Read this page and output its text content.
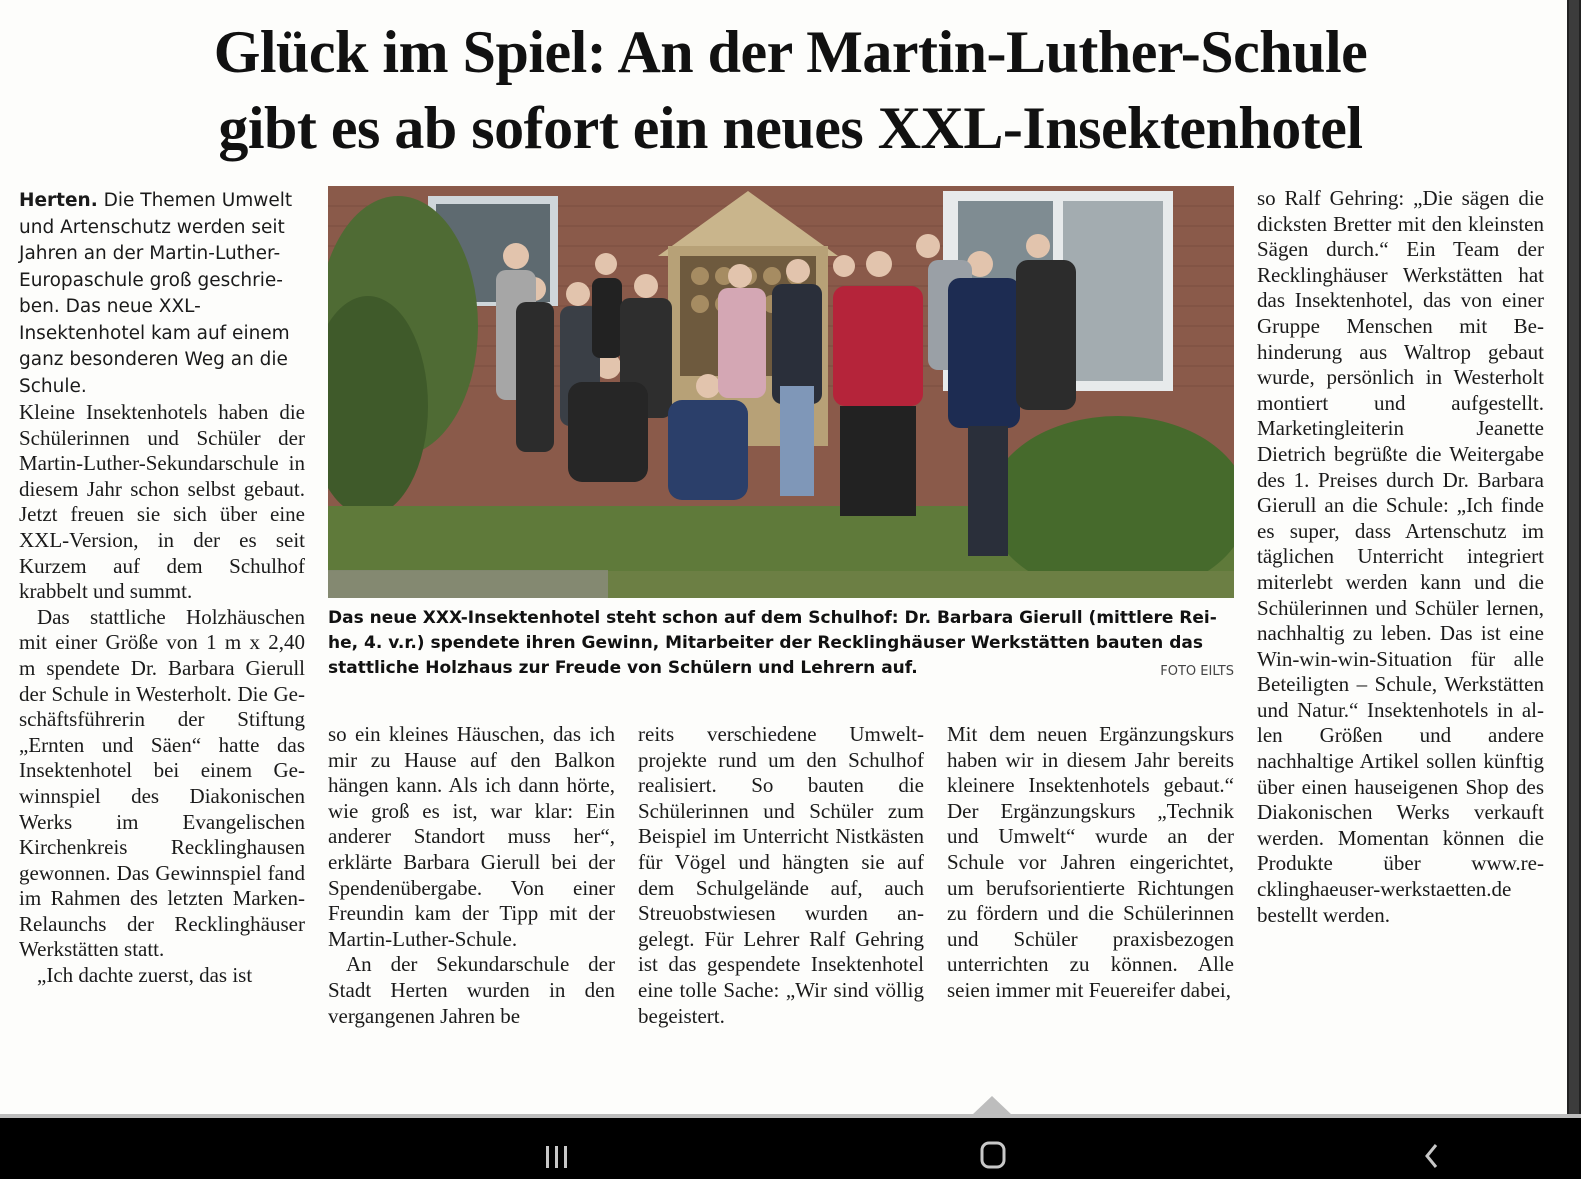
Glück im Spiel: An der Martin-Luther-Schule
gibt es ab sofort ein neues XXL-Insektenhotel

Herten. Die Themen Umwelt und Artenschutz werden seit Jahren an der Martin-Luther-Europaschule groß geschrieben. Das neue XXL-Insektenhotel kam auf einem ganz besonderen Weg an die Schule.

Kleine Insektenhotels haben die Schülerinnen und Schüler der Martin-Luther-Sekundarschule in diesem Jahr schon selbst gebaut. Jetzt freuen sie sich über eine XXL-Version, in der es seit Kurzem auf dem Schulhof krabbelt und summt.

Das stattliche Holzhäuschen mit einer Größe von 1 m x 2,40 m spendete Dr. Barbara Gierull der Schule in Westerholt. Die Geschäftsführerin der Stiftung „Ernten und Säen“ hatte das Insektenhotel bei einem Gewinnspiel des Diakonischen Werks im Evangelischen Kirchenkreis Recklinghausen gewonnen. Das Gewinnspiel fand im Rahmen des letzten Marken-Relaunchs der Recklinghäuser Werkstätten statt.

„Ich dachte zuerst, das ist

Das neue XXX-Insektenhotel steht schon auf dem Schulhof: Dr. Barbara Gierull (mittlere Reihe, 4. v.r.) spendete ihren Gewinn, Mitarbeiter der Recklinghäuser Werkstätten bauten das stattliche Holzhaus zur Freude von Schülern und Lehrern auf.	FOTO EILTS

so ein kleines Häuschen, das ich mir zu Hause auf den Balkon hängen kann. Als ich dann hörte, wie groß es ist, war klar: Ein anderer Standort muss her“, erklärte Barbara Gierull bei der Spendenübergabe. Von einer Freundin kam der Tipp mit der Martin-Luther-Schule.

An der Sekundarschule der Stadt Herten wurden in den vergangenen Jahren be

reits verschiedene Umweltprojekte rund um den Schulhof realisiert. So bauten die Schülerinnen und Schüler zum Beispiel im Unterricht Nistkästen für Vögel und hängten sie auf dem Schulgelände auf, auch Streuobstwiesen wurden angelegt. Für Lehrer Ralf Gehring ist das gespendete Insektenhotel eine tolle Sache: „Wir sind völlig begeistert.

Mit dem neuen Ergänzungskurs haben wir in diesem Jahr bereits kleinere Insektenhotels gebaut.“ Der Ergänzungskurs „Technik und Umwelt“ wurde an der Schule vor Jahren eingerichtet, um berufsorientierte Richtungen zu fördern und die Schülerinnen und Schüler praxisbezogen unterrichten zu können. Alle seien immer mit Feuereifer dabei,

so Ralf Gehring: „Die sägen die dicksten Bretter mit den kleinsten Sägen durch.“ Ein Team der Recklinghäuser Werkstätten hat das Insektenhotel, das von einer Gruppe Menschen mit Behinderung aus Waltrop gebaut wurde, persönlich in Westerholt montiert und aufgestellt. Marketingleiterin Jeanette Dietrich begrüßte die Weitergabe des 1. Preises durch Dr. Barbara Gierull an die Schule: „Ich finde es super, dass Artenschutz im täglichen Unterricht integriert miterlebt werden kann und die Schülerinnen und Schüler lernen, nachhaltig zu leben. Das ist eine Win-win-win-Situation für alle Beteiligten – Schule, Werkstätten und Natur.“ Insektenhotels in allen Größen und andere nachhaltige Artikel sollen künftig über einen hauseigenen Shop des Diakonischen Werks verkauft werden. Momentan können die Produkte über www.recklinghaeuser-werkstaetten.de bestellt werden.
